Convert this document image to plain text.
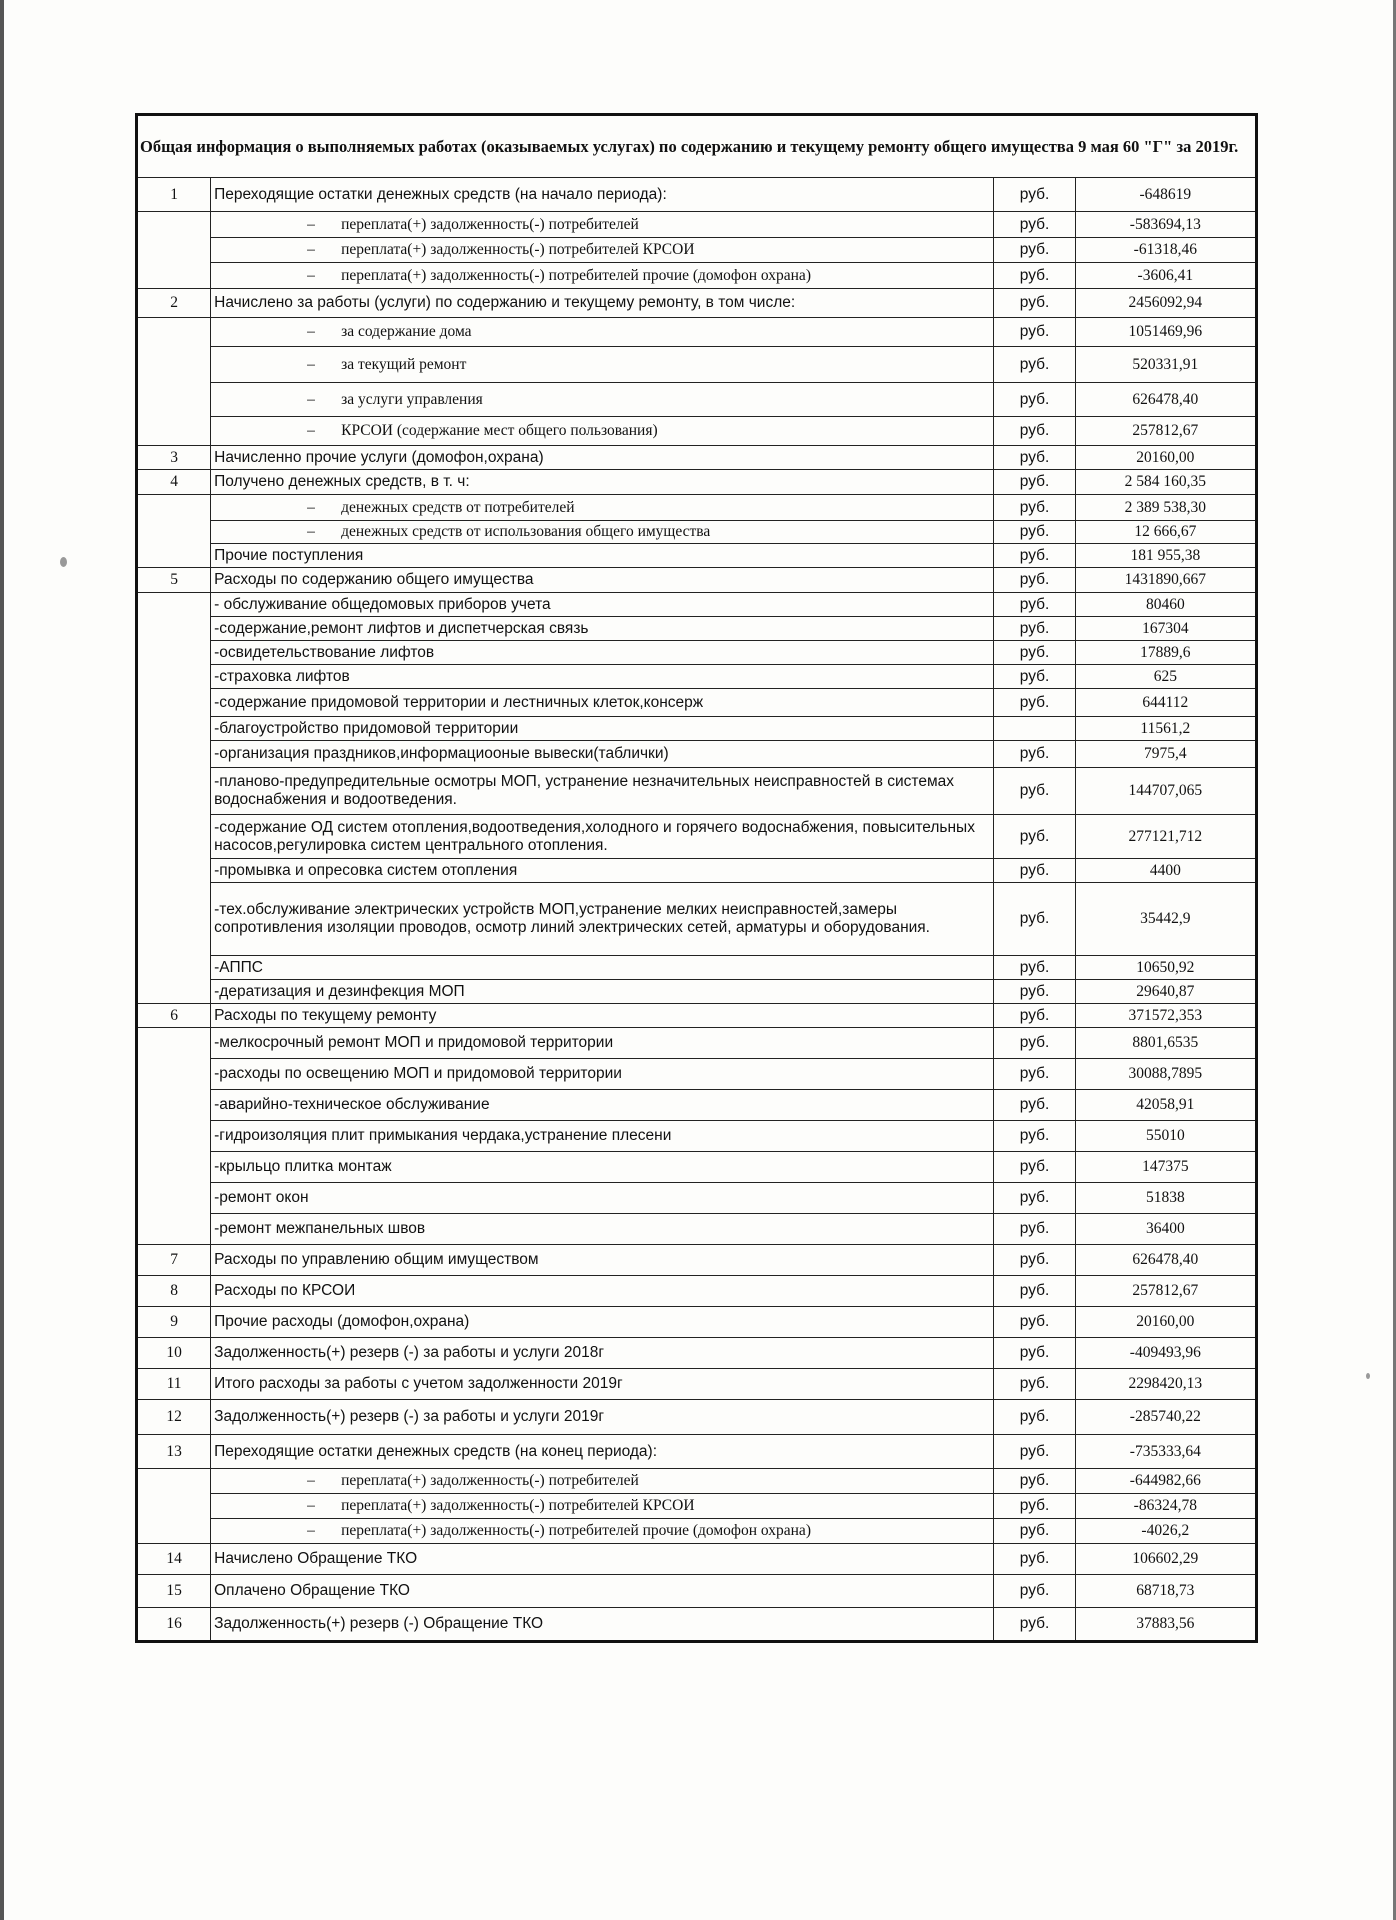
Общая информация о выполняемых работах (оказываемых услугах) по содержанию и текущему ремонту общего имущества 9 мая 60 "Г" за 2019г.			
1	Переходящие остатки денежных средств (на начало периода):	руб.	-648619
	– переплата(+) задолженность(-) потребителей	руб.	-583694,13
	– переплата(+) задолженность(-) потребителей КРСОИ	руб.	-61318,46
	– переплата(+) задолженность(-) потребителей прочие (домофон охрана)	руб.	-3606,41
2	Начислено за работы (услуги) по содержанию и текущему ремонту, в том числе:	руб.	2456092,94
	– за содержание дома	руб.	1051469,96
	– за текущий ремонт	руб.	520331,91
	– за услуги управления	руб.	626478,40
	– КРСОИ (содержание мест общего пользования)	руб.	257812,67
3	Начисленно прочие услуги (домофон,охрана)	руб.	20160,00
4	Получено денежных средств, в т. ч:	руб.	2 584 160,35
	– денежных средств от потребителей	руб.	2 389 538,30
	– денежных средств от использования общего имущества	руб.	12 666,67
	Прочие поступления	руб.	181 955,38
5	Расходы по содержанию общего имущества	руб.	1431890,667
	- обслуживание общедомовых приборов учета	руб.	80460
	-содержание,ремонт лифтов и диспетчерская связь	руб.	167304
	-освидетельствование лифтов	руб.	17889,6
	-страховка лифтов	руб.	625
	-содержание придомовой территории и лестничных клеток,консерж	руб.	644112
	-благоустройство придомовой территории		11561,2
	-организация праздников,информациооные вывески(таблички)	руб.	7975,4
	-планово-предупредительные осмотры МОП, устранение незначительных неисправностей в системах водоснабжения и водоотведения.	руб.	144707,065
	-содержание ОД систем отопления,водоотведения,холодного и горячего водоснабжения, повысительных насосов,регулировка систем центрального отопления.	руб.	277121,712
	-промывка и опресовка систем отопления	руб.	4400
	-тех.обслуживание электрических устройств МОП,устранение мелких неисправностей,замеры сопротивления изоляции проводов, осмотр линий электрических сетей, арматуры и оборудования.	руб.	35442,9
	-АППС	руб.	10650,92
	-дератизация и дезинфекция МОП	руб.	29640,87
6	Расходы по текущему ремонту	руб.	371572,353
	-мелкосрочный ремонт МОП и придомовой территории	руб.	8801,6535
	-расходы по освещению МОП и придомовой территории	руб.	30088,7895
	-аварийно-техническое обслуживание	руб.	42058,91
	-гидроизоляция плит примыкания чердака,устранение плесени	руб.	55010
	-крыльцо плитка монтаж	руб.	147375
	-ремонт окон	руб.	51838
	-ремонт межпанельных швов	руб.	36400
7	Расходы по управлению общим имуществом	руб.	626478,40
8	Расходы по КРСОИ	руб.	257812,67
9	Прочие расходы (домофон,охрана)	руб.	20160,00
10	Задолженность(+) резерв (-) за работы и услуги 2018г	руб.	-409493,96
11	Итого расходы за работы с учетом задолженности 2019г	руб.	2298420,13
12	Задолженность(+) резерв (-) за работы и услуги 2019г	руб.	-285740,22
13	Переходящие остатки денежных средств (на конец периода):	руб.	-735333,64
	– переплата(+) задолженность(-) потребителей	руб.	-644982,66
	– переплата(+) задолженность(-) потребителей КРСОИ	руб.	-86324,78
	– переплата(+) задолженность(-) потребителей прочие (домофон охрана)	руб.	-4026,2
14	Начислено Обращение ТКО	руб.	106602,29
15	Оплачено Обращение ТКО	руб.	68718,73
16	Задолженность(+) резерв (-) Обращение ТКО	руб.	37883,56
